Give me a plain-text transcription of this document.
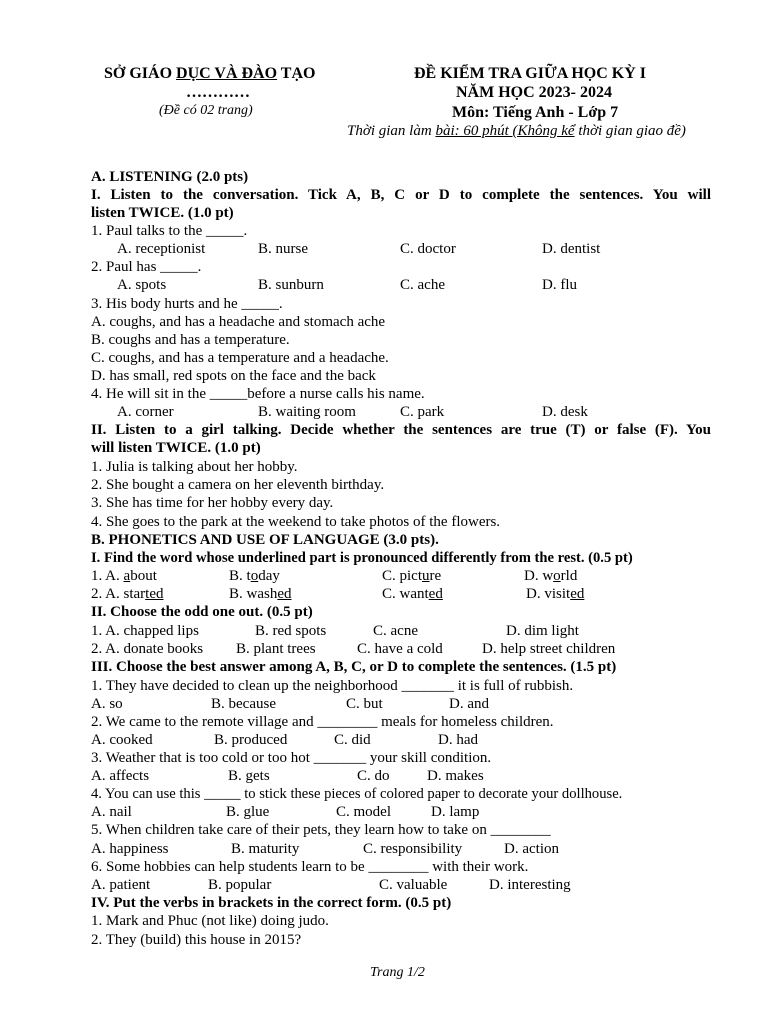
SỞ GIÁO DỤC VÀ ĐÀO TẠO
…………
(Đề có 02 trang)
ĐỀ KIỂM TRA GIỮA HỌC KỲ I
NĂM HỌC 2023- 2024
Môn: Tiếng Anh - Lớp 7
Thời gian làm bài: 60 phút (Không kể thời gian giao đề)
A. LISTENING (2.0 pts)
I. Listen to the conversation. Tick A, B, C or D to complete the sentences. You will
listen TWICE. (1.0 pt)
1. Paul talks to the _____.
A. receptionist	B. nurse	C. doctor	D. dentist
2. Paul has _____.
A. spots	B. sunburn	C. ache	D. flu
3. His body hurts and he _____.
A. coughs, and has a headache and stomach ache
B. coughs and has a temperature.
C. coughs, and has a temperature and a headache.
D. has small, red spots on the face and the back
4. He will sit in the _____before a nurse calls his name.
A. corner	B. waiting room	C. park	D. desk
II. Listen to a girl talking. Decide whether the sentences are true (T) or false (F). You
will listen TWICE. (1.0 pt)
1. Julia is talking about her hobby.
2. She bought a camera on her eleventh birthday.
3. She has time for her hobby every day.
4. She goes to the park at the weekend to take photos of the flowers.
B. PHONETICS AND USE OF LANGUAGE (3.0 pts).
I. Find the word whose underlined part is pronounced differently from the rest. (0.5 pt)
1. A. about	B. today	C. picture	D. world
2. A. started	B. washed	C. wanted	D. visited
II. Choose the odd one out. (0.5 pt)
1. A. chapped lips	B. red spots	C. acne	D. dim light
2. A. donate books B. plant trees	C. have a cold	D. help street children
III. Choose the best answer among A, B, C, or D to complete the sentences. (1.5 pt)
1. They have decided to clean up the neighborhood _______ it is full of rubbish.
A. so	B. because	C. but	D. and
2. We came to the remote village and ________ meals for homeless children.
A. cooked	B. produced	C. did	D. had
3. Weather that is too cold or too hot _______ your skill condition.
A. affects	B. gets	C. do D. makes
4. You can use this _____ to stick these pieces of colored paper to decorate your dollhouse.
A. nail	B. glue	C. model	D. lamp
5. When children take care of their pets, they learn how to take on ________
A. happiness	B. maturity	C. responsibility	D. action
6. Some hobbies can help students learn to be ________ with their work.
A. patient	B. popular	C. valuable	D. interesting
IV. Put the verbs in brackets in the correct form. (0.5 pt)
1. Mark and Phuc (not like) doing judo.
2. They (build) this house in 2015?
Trang 1/2
